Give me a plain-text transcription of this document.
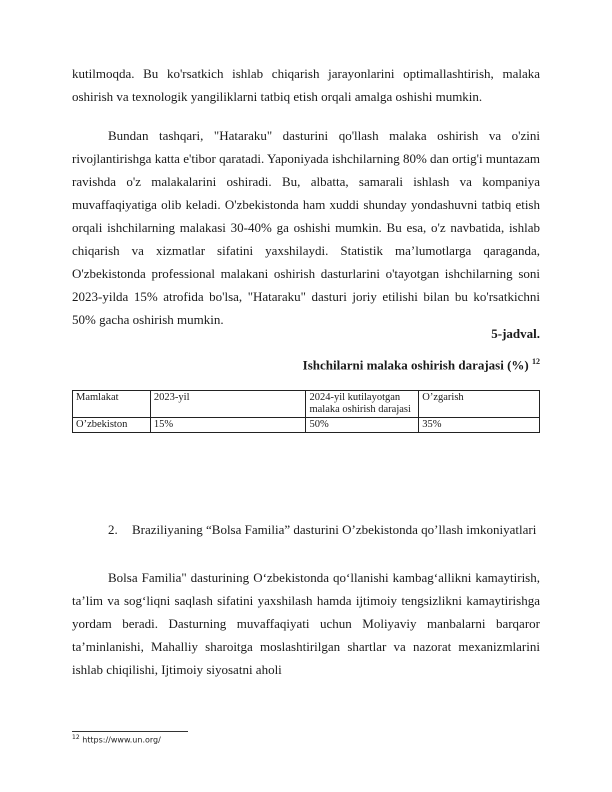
kutilmoqda. Bu ko'rsatkich ishlab chiqarish jarayonlarini optimallashtirish, malaka oshirish va texnologik yangiliklarni tatbiq etish orqali amalga oshishi mumkin.

Bundan tashqari, "Hataraku" dasturini qo'llash malaka oshirish va o'zini rivojlantirishga katta e'tibor qaratadi. Yaponiyada ishchilarning 80% dan ortig'i muntazam ravishda o'z malakalarini oshiradi. Bu, albatta, samarali ishlash va kompaniya muvaffaqiyatiga olib keladi. O'zbekistonda ham xuddi shunday yondashuvni tatbiq etish orqali ishchilarning malakasi 30-40% ga oshishi mumkin. Bu esa, o'z navbatida, ishlab chiqarish va xizmatlar sifatini yaxshilaydi. Statistik ma’lumotlarga qaraganda, O'zbekistonda professional malakani oshirish dasturlarini o'tayotgan ishchilarning soni 2023-yilda 15% atrofida bo'lsa, "Hataraku" dasturi joriy etilishi bilan bu ko'rsatkichni 50% gacha oshirish mumkin.

5-jadval.
Ishchilarni malaka oshirish darajasi (%) $^{12}$
Mamlakat	2023-yil	2024-yil kutilayotgan malaka oshirish darajasi	O’zgarish
O’zbekiston	15%	50%	35%
2. Braziliyaning “Bolsa Familia” dasturini O’zbekistonda qo’llash imkoniyatlari

Bolsa Familia" dasturining O‘zbekistonda qo‘llanishi kambag‘allikni kamaytirish, ta’lim va sog‘liqni saqlash sifatini yaxshilash hamda ijtimoiy tengsizlikni kamaytirishga yordam beradi. Dasturning muvaffaqiyati uchun Moliyaviy manbalarni barqaror ta’minlanishi, Mahalliy sharoitga moslashtirilgan shartlar va nazorat mexanizmlarini ishlab chiqilishi, Ijtimoiy siyosatni aholi

$^{12}$ https://www.un.org/
